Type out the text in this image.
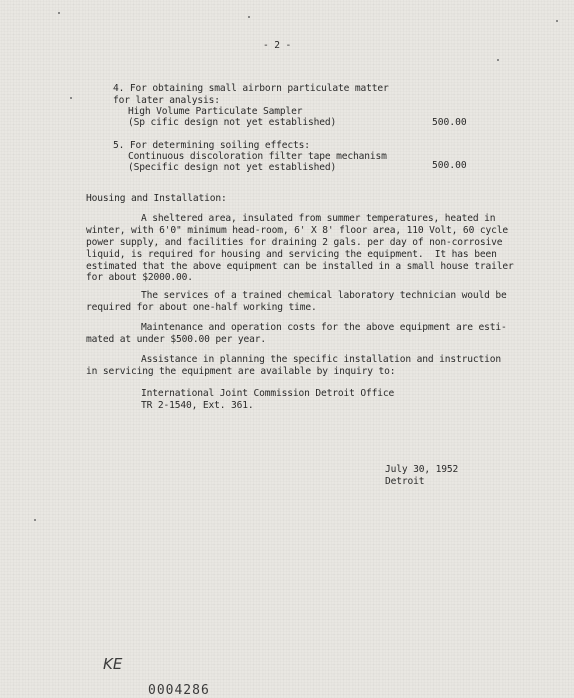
- 2 -
4. For obtaining small airborn particulate matter
for later analysis:
High Volume Particulate Sampler
(Sp cific design not yet established)	500.00
5. For determining soiling effects:
Continuous discoloration filter tape mechanism
(Specific design not yet established)	500.00
Housing and Installation:
A sheltered area, insulated from summer temperatures, heated in
winter, with 6'0" minimum head-room, 6' X 8' floor area, 110 Volt, 60 cycle
power supply, and facilities for draining 2 gals. per day of non-corrosive
liquid, is required for housing and servicing the equipment.  It has been
estimated that the above equipment can be installed in a small house trailer
for about $2000.00.
The services of a trained chemical laboratory technician would be
required for about one-half working time.
Maintenance and operation costs for the above equipment are esti-
mated at under $500.00 per year.
Assistance in planning the specific installation and instruction
in servicing the equipment are available by inquiry to:
International Joint Commission Detroit Office
TR 2-1540, Ext. 361.
July 30, 1952
Detroit
KE
0004286
